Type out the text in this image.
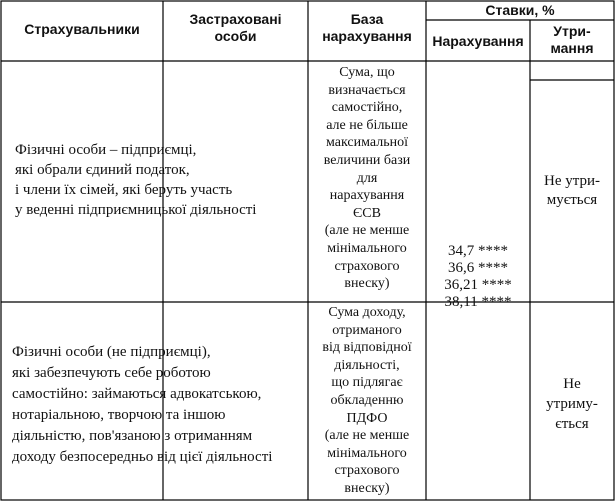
Страхувальники
Застраховані
особи
База
нарахування
Ставки, %
Нарахування
Утри-
мання
Фізичні особи – підприємці,
які обрали єдиний податок,
і члени їх сімей, які беруть участь
у веденні підприємницької діяльності
Сума, що
визначається
самостійно,
але не більше
максимальної
величини бази
для
нарахування
ЄСВ
(але не менше
мінімального
страхового
внеску)
Не утри-
мується
34,7 ****
36,6 ****
36,21 ****
38,11 ****
Фізичні особи (не підприємці),
які забезпечують себе роботою
самостійно: займаються адвокатською,
нотаріальною, творчою та іншою
діяльністю, пов'язаною з отриманням
доходу безпосередньо від цієї діяльності
Сума доходу,
отриманого
від відповідної
діяльності,
що підлягає
обкладенню
ПДФО
(але не менше
мінімального
страхового
внеску)
Не
утриму-
ється
